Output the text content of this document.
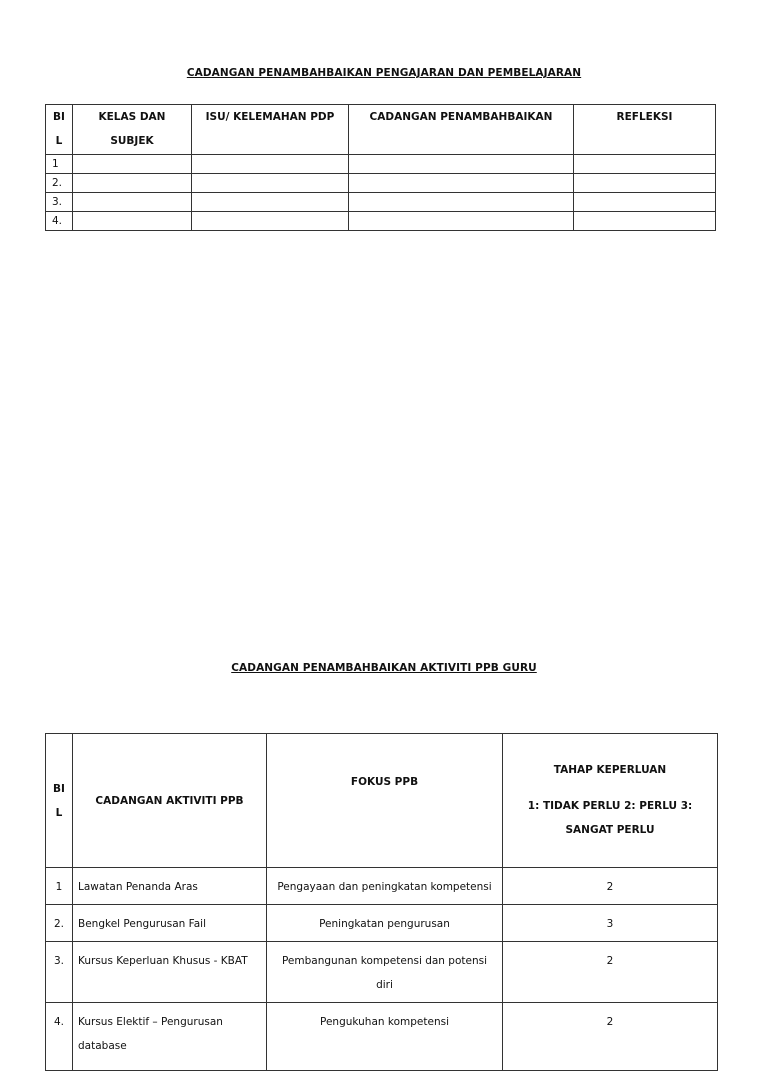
CADANGAN PENAMBAHBAIKAN PENGAJARAN DAN PEMBELAJARAN
BI L	KELAS DAN SUBJEK	ISU/ KELEMAHAN PDP	CADANGAN PENAMBAHBAIKAN	REFLEKSI
1				
2.				
3.				
4.				
CADANGAN PENAMBAHBAIKAN AKTIVITI PPB GURU
BI L	CADANGAN AKTIVITI PPB	FOKUS PPB	TAHAP KEPERLUAN
1: TIDAK PERLU 2: PERLU 3: SANGAT PERLU

1	Lawatan Penanda Aras	Pengayaan dan peningkatan kompetensi	2
2.	Bengkel Pengurusan Fail	Peningkatan pengurusan	3
3.	Kursus Keperluan Khusus - KBAT	Pembangunan kompetensi dan potensi diri	2
4.	Kursus Elektif – Pengurusan database	Pengukuhan kompetensi	2
